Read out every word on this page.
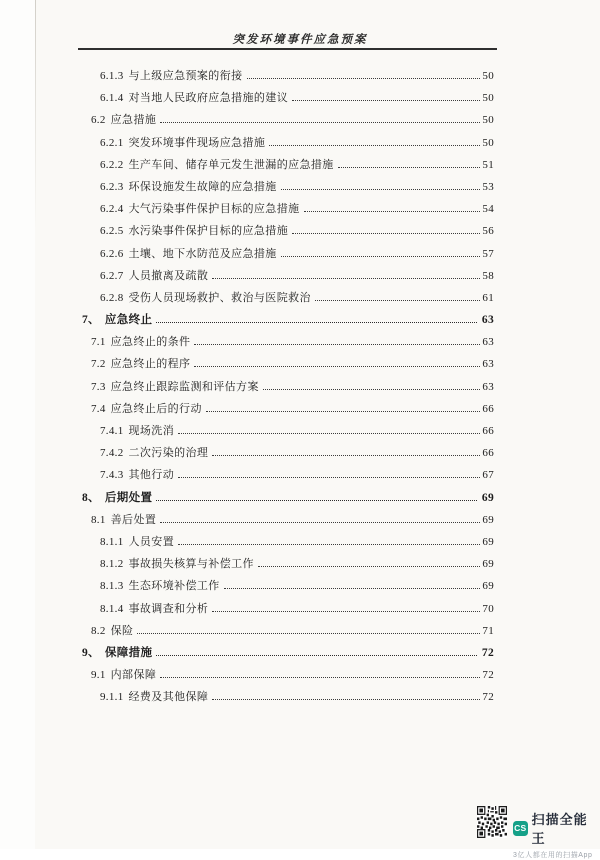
突发环境事件应急预案
6.1.3 与上级应急预案的衔接	50
6.1.4 对当地人民政府应急措施的建议	50
6.2 应急措施	50
6.2.1 突发环境事件现场应急措施	50
6.2.2 生产车间、储存单元发生泄漏的应急措施	51
6.2.3 环保设施发生故障的应急措施	53
6.2.4 大气污染事件保护目标的应急措施	54
6.2.5 水污染事件保护目标的应急措施	56
6.2.6 土壤、地下水防范及应急措施	57
6.2.7 人员撤离及疏散	58
6.2.8 受伤人员现场救护、救治与医院救治	61
7、 应急终止	63
7.1 应急终止的条件	63
7.2 应急终止的程序	63
7.3 应急终止跟踪监测和评估方案	63
7.4 应急终止后的行动	66
7.4.1 现场洗消	66
7.4.2 二次污染的治理	66
7.4.3 其他行动	67
8、 后期处置	69
8.1 善后处置	69
8.1.1 人员安置	69
8.1.2 事故损失核算与补偿工作	69
8.1.3 生态环境补偿工作	69
8.1.4 事故调查和分析	70
8.2 保险	71
9、 保障措施	72
9.1 内部保障	72
9.1.1 经费及其他保障	72
CS
扫描全能王
3亿人都在用的扫描App
